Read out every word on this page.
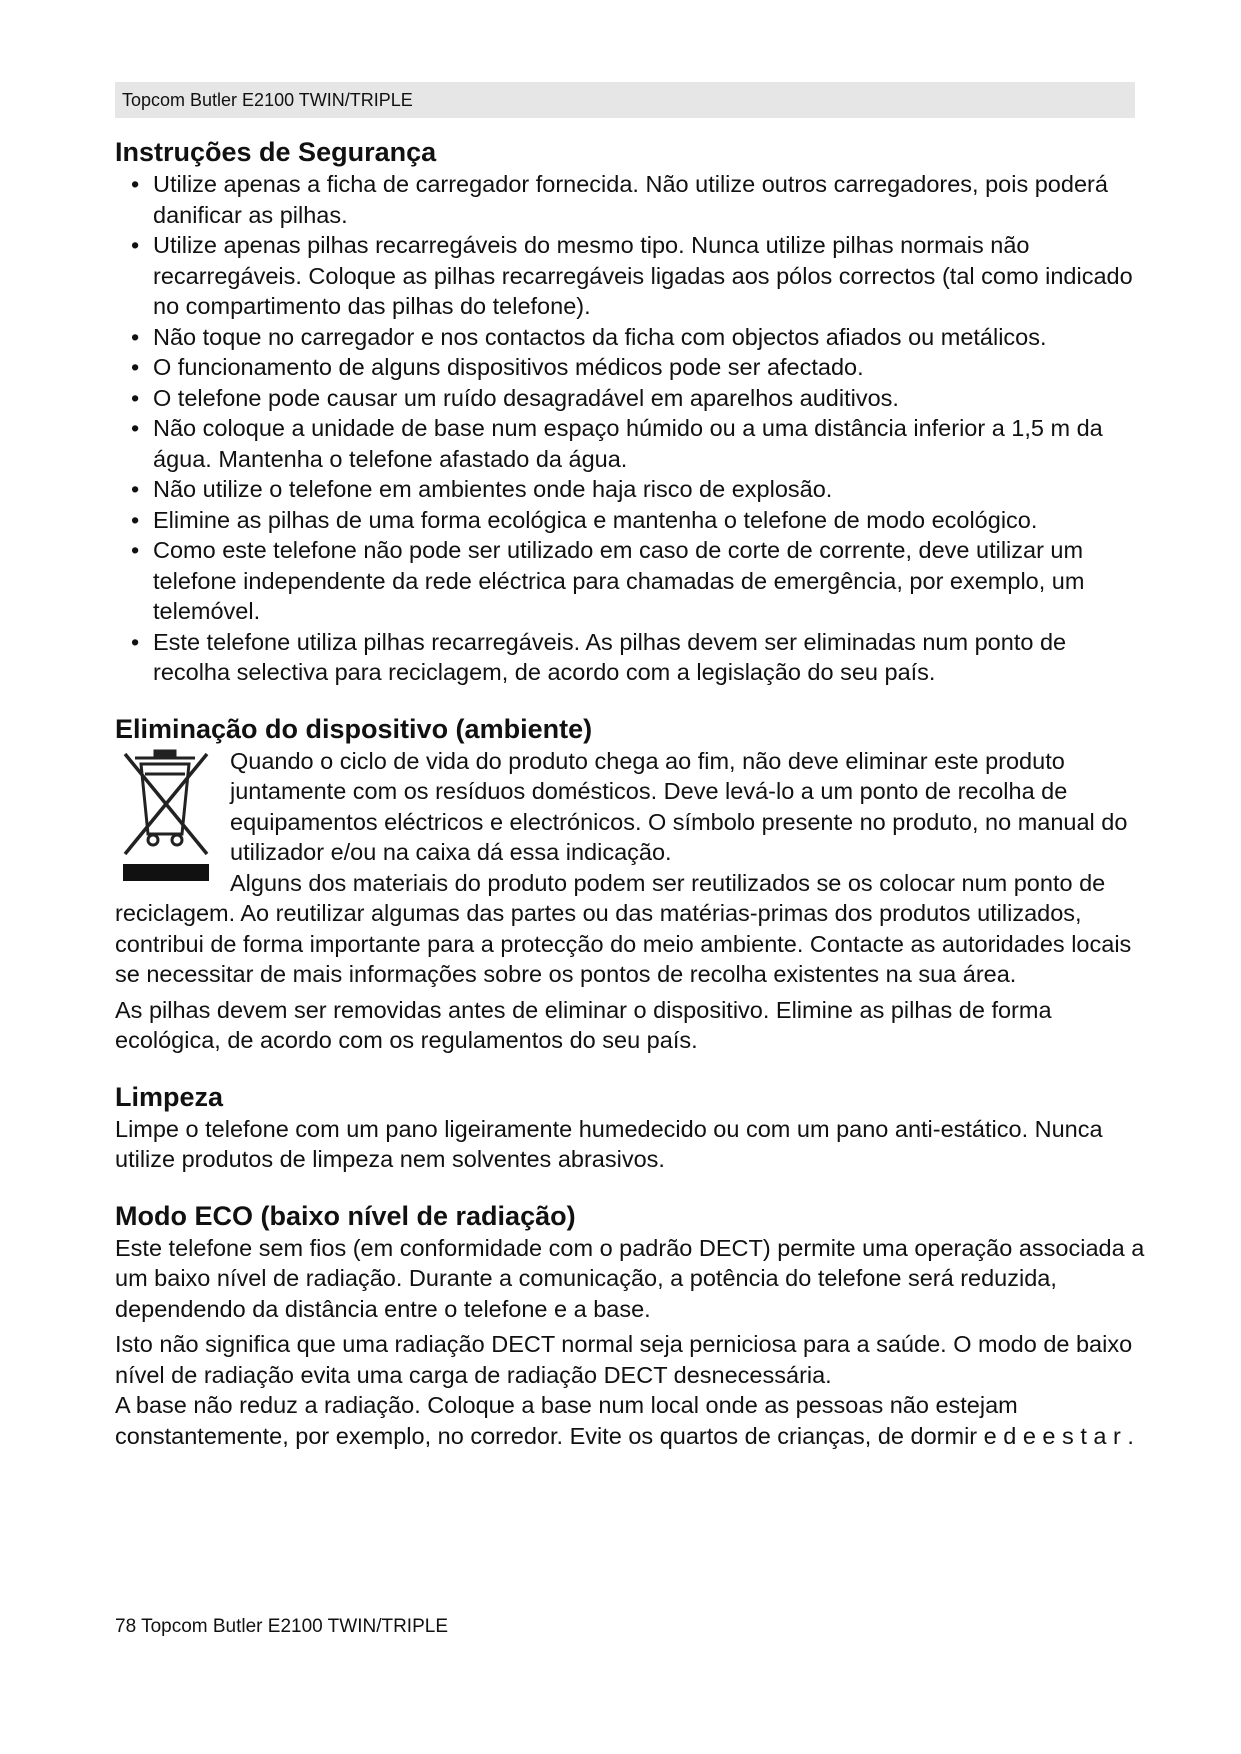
Topcom Butler E2100 TWIN/TRIPLE
Instruções de Segurança
• Utilize apenas a ficha de carregador fornecida. Não utilize outros carregadores, pois poderá danificar as pilhas.
• Utilize apenas pilhas recarregáveis do mesmo tipo. Nunca utilize pilhas normais não recarregáveis. Coloque as pilhas recarregáveis ligadas aos pólos correctos (tal como indicado no compartimento das pilhas do telefone).
• Não toque no carregador e nos contactos da ficha com objectos afiados ou metálicos.
• O funcionamento de alguns dispositivos médicos pode ser afectado.
• O telefone pode causar um ruído desagradável em aparelhos auditivos.
• Não coloque a unidade de base num espaço húmido ou a uma distância inferior a 1,5 m da água. Mantenha o telefone afastado da água.
• Não utilize o telefone em ambientes onde haja risco de explosão.
• Elimine as pilhas de uma forma ecológica e mantenha o telefone de modo ecológico.
• Como este telefone não pode ser utilizado em caso de corte de corrente, deve utilizar um telefone independente da rede eléctrica para chamadas de emergência, por exemplo, um telemóvel.
• Este telefone utiliza pilhas recarregáveis. As pilhas devem ser eliminadas num ponto de recolha selectiva para reciclagem, de acordo com a legislação do seu país.
Eliminação do dispositivo (ambiente)

Quando o ciclo de vida do produto chega ao fim, não deve eliminar este produto juntamente com os resíduos domésticos. Deve levá-lo a um ponto de recolha de equipamentos eléctricos e electrónicos. O símbolo presente no produto, no manual do utilizador e/ou na caixa dá essa indicação.

Alguns dos materiais do produto podem ser reutilizados se os colocar num ponto de reciclagem. Ao reutilizar algumas das partes ou das matérias-primas dos produtos utilizados, contribui de forma importante para a protecção do meio ambiente. Contacte as autoridades locais se necessitar de mais informações sobre os pontos de recolha existentes na sua área.

As pilhas devem ser removidas antes de eliminar o dispositivo. Elimine as pilhas de forma ecológica, de acordo com os regulamentos do seu país.

Limpeza

Limpe o telefone com um pano ligeiramente humedecido ou com um pano anti-estático. Nunca utilize produtos de limpeza nem solventes abrasivos.

Modo ECO (baixo nível de radiação)

Este telefone sem fios (em conformidade com o padrão DECT) permite uma operação associada a um baixo nível de radiação. Durante a comunicação, a potência do telefone será reduzida, dependendo da distância entre o telefone e a base.

Isto não significa que uma radiação DECT normal seja perniciosa para a saúde. O modo de baixo nível de radiação evita uma carga de radiação DECT desnecessária.

A base não reduz a radiação. Coloque a base num local onde as pessoas não estejam constantemente, por exemplo, no corredor. Evite os quartos de crianças, de dormir e d e e s t a r .

78 Topcom Butler E2100 TWIN/TRIPLE
